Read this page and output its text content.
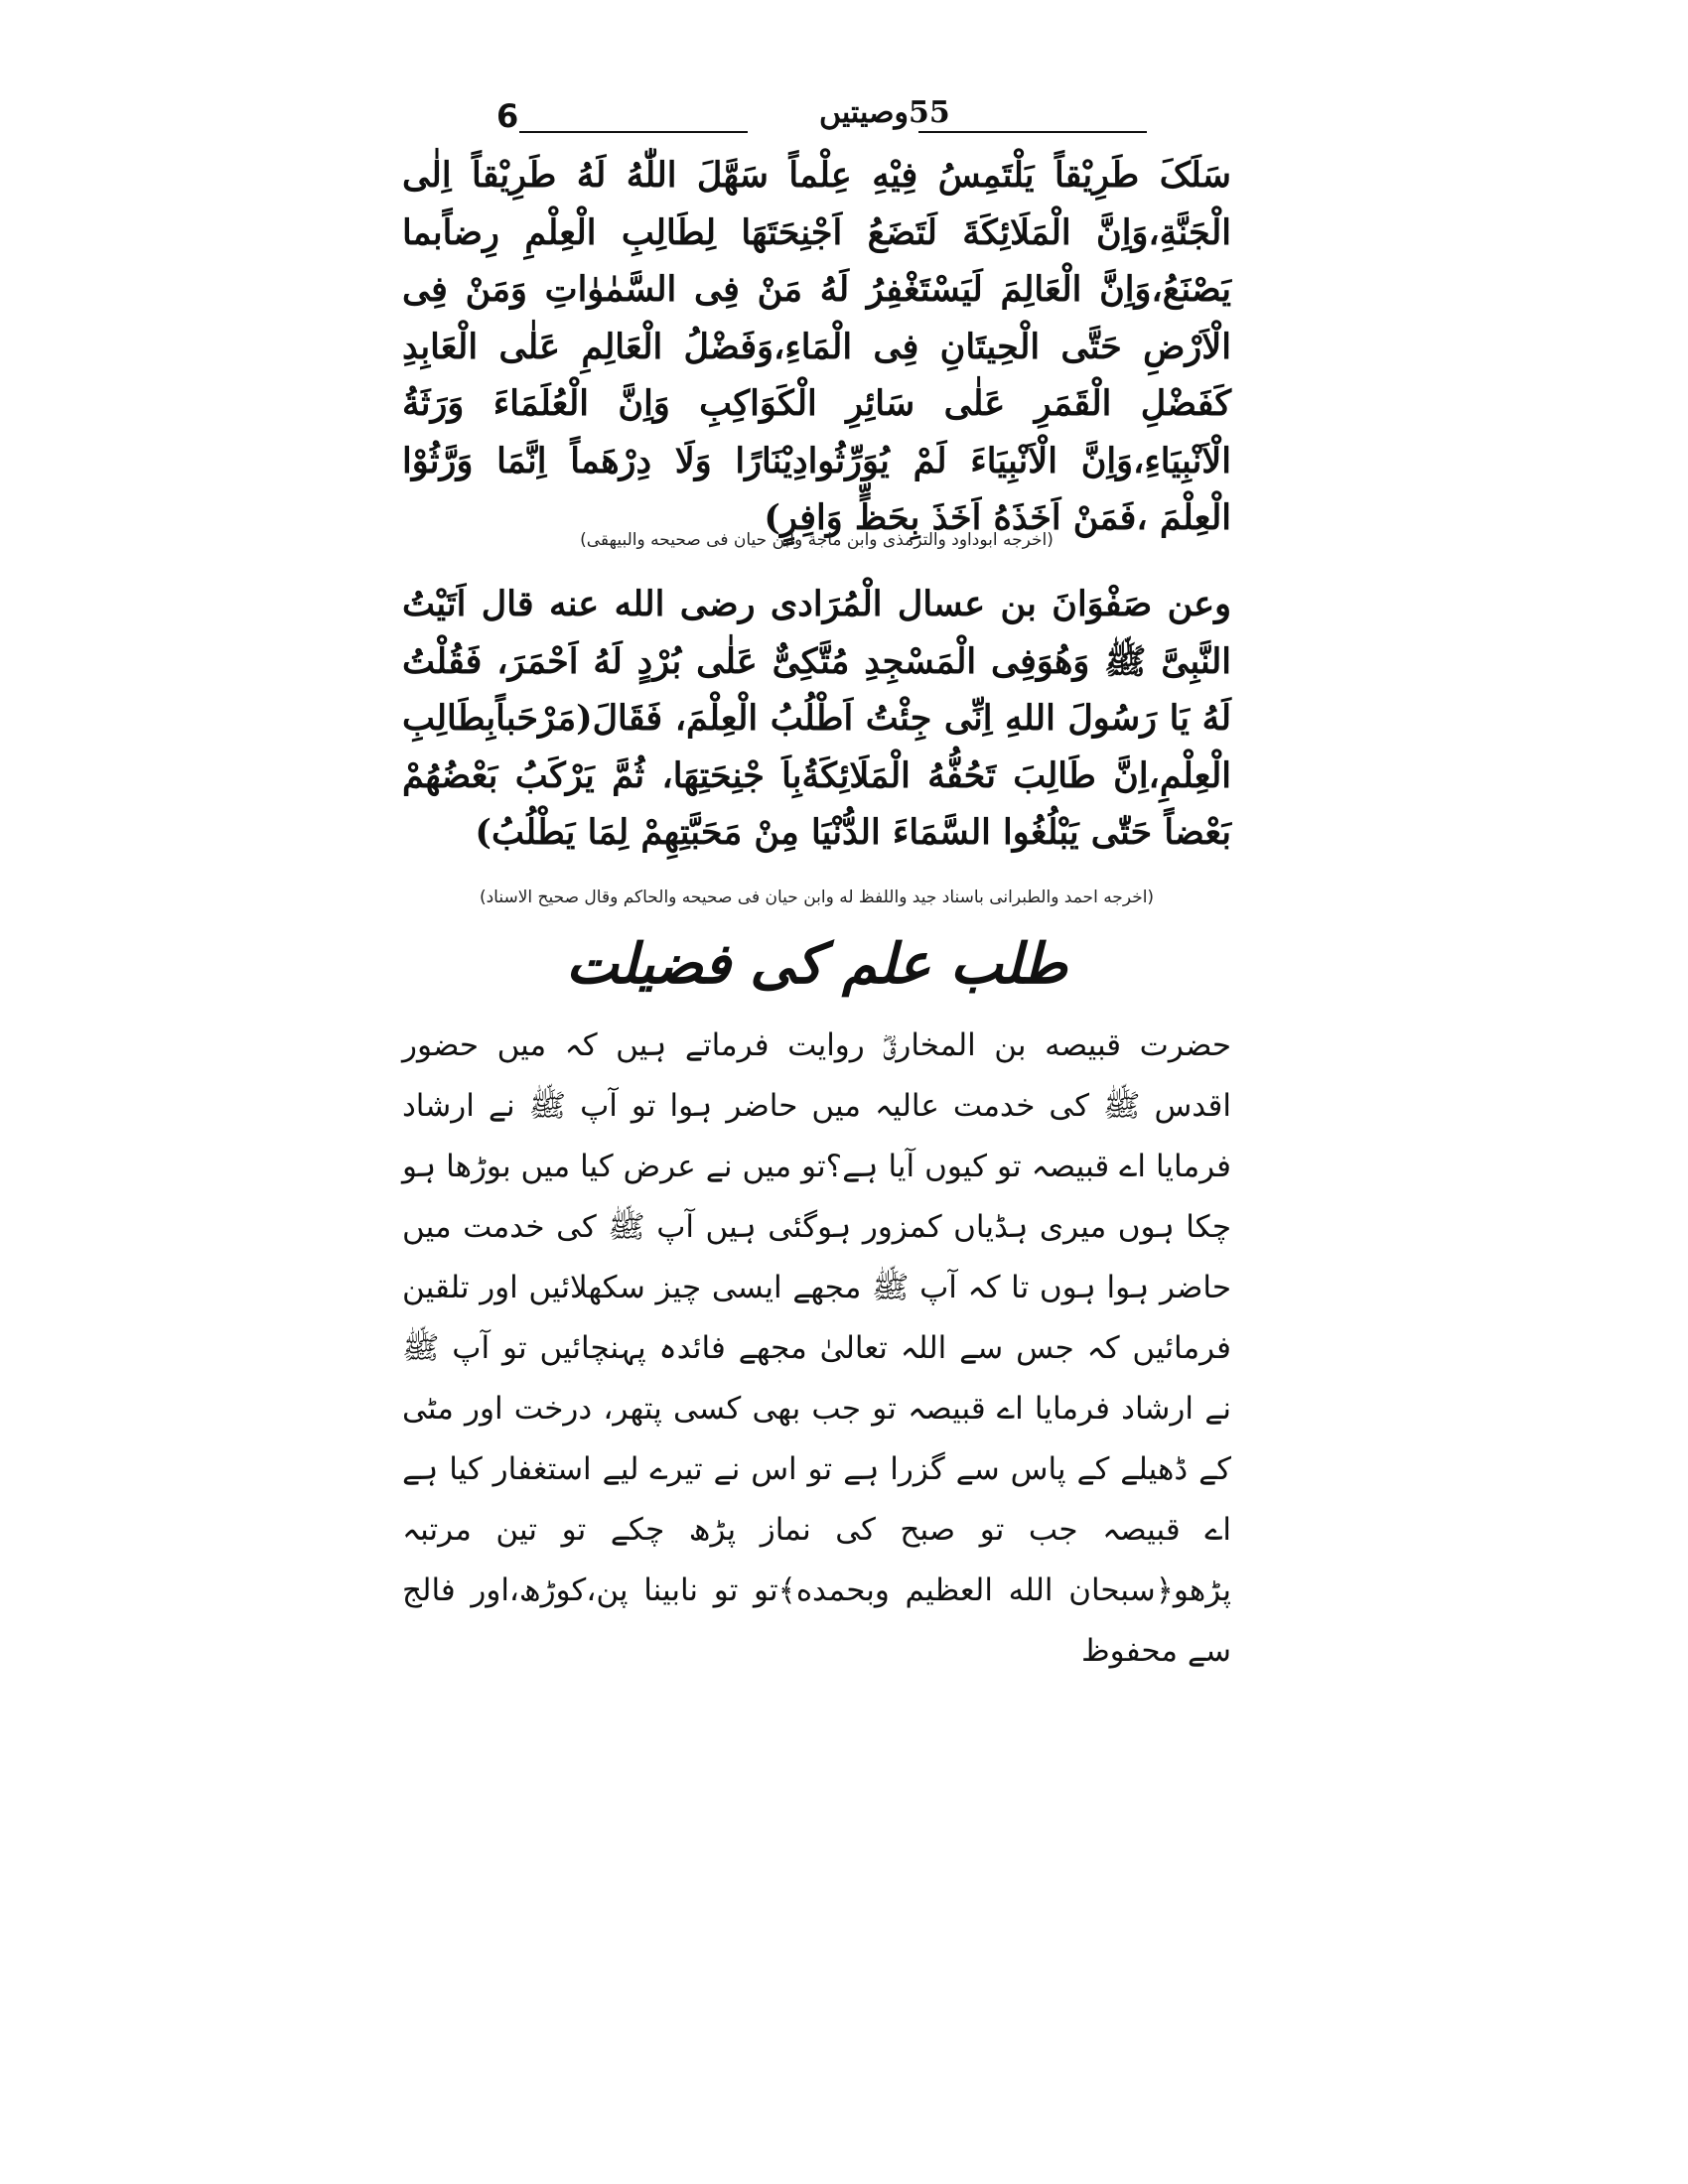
6	55وصیتیں
سَلَکَ طَرِیْقاً یَلْتَمِسُ فِیْهِ عِلْماً سَهَّلَ اللّٰهُ لَهُ طَرِیْقاً اِلٰی الْجَنَّةِ،وَاِنَّ الْمَلَائِکَةَ لَتَضَعُ اَجْنِحَتَهَا لِطَالِبِ الْعِلْمِ رِضاًبما یَصْنَعُ،وَاِنَّ الْعَالِمَ لَیَسْتَغْفِرُ لَهُ مَنْ فِی السَّمٰوٰاتِ وَمَنْ فِی الْاَرْضِ حَتَّی الْحِیتَانِ فِی الْمَاءِ،وَفَضْلُ الْعَالِمِ عَلٰی الْعَابِدِ کَفَضْلِ الْقَمَرِ عَلٰی سَائِرِ الْکَوَاکِبِ وَاِنَّ الْعُلَمَاءَ وَرَثَةُ الْاَنْبِیَاءِ،وَاِنَّ الْاَنْبِیَاءَ لَمْ یُوَرِّثُوادِیْنَارًا وَلَا دِرْهَماً اِنَّمَا وَرَّثُوْا الْعِلْمَ ،فَمَنْ اَخَذَهُ اَخَذَ بِحَظٍّ وَافِرٍ)
(اخرجه ابوداود والترمذی وابن ماجة وابن حیان فی صحیحه والبیهقی)
وعن صَفْوَانَ بن عسال الْمُرَادی رضی الله عنه قال اَتَیْتُ النَّبِیَّ ﷺ وَهُوَفِی الْمَسْجِدِ مُتَّکِیٌّ عَلٰی بُرْدٍ لَهُ اَحْمَرَ، فَقُلْتُ لَهُ یَا رَسُولَ اللهِ اِنِّی جِئْتُ اَطْلُبُ الْعِلْمَ، فَقَالَ(مَرْحَباًبِطَالِبِ الْعِلْمِ،اِنَّ طَالِبَ تَحُفُّهُ الْمَلَائِکَةُبِاَ جْنِحَتِهَا، ثُمَّ یَرْکَبُ بَعْضُهُمْ بَعْضاً حَتّٰی یَبْلُغُوا السَّمَاءَ الدُّنْیَا مِنْ مَحَبَّتِهِمْ لِمَا یَطْلُبُ)
(اخرجه احمد والطبرانی باسناد جید واللفظ له وابن حیان فی صحیحه والحاکم وقال صحیح الاسناد)
طلب علم کی فضیلت
حضرت قبیصه بن المخارقؓ روایت فرماتے ہیں کہ میں حضور اقدس ﷺ کی خدمت عالیہ میں حاضر ہوا تو آپ ﷺ نے ارشاد فرمایا اے قبیصہ تو کیوں آیا ہے؟تو میں نے عرض کیا میں بوڑھا ہو چکا ہوں میری ہڈیاں کمزور ہوگئی ہیں آپ ﷺ کی خدمت میں حاضر ہوا ہوں تا کہ آپ ﷺ مجھے ایسی چیز سکھلائیں اور تلقین فرمائیں کہ جس سے اللہ تعالیٰ مجھے فائدہ پہنچائیں تو آپ ﷺ نے ارشاد فرمایا اے قبیصہ تو جب بھی کسی پتھر، درخت اور مٹی کے ڈھیلے کے پاس سے گزرا ہے تو اس نے تیرے لیے استغفار کیا ہے اے قبیصہ جب تو صبح کی نماز پڑھ چکے تو تین مرتبہ پڑھو﴿سبحان الله العظیم وبحمده﴾تو تو نابینا پن،کوڑھ،اور فالج سے محفوظ
